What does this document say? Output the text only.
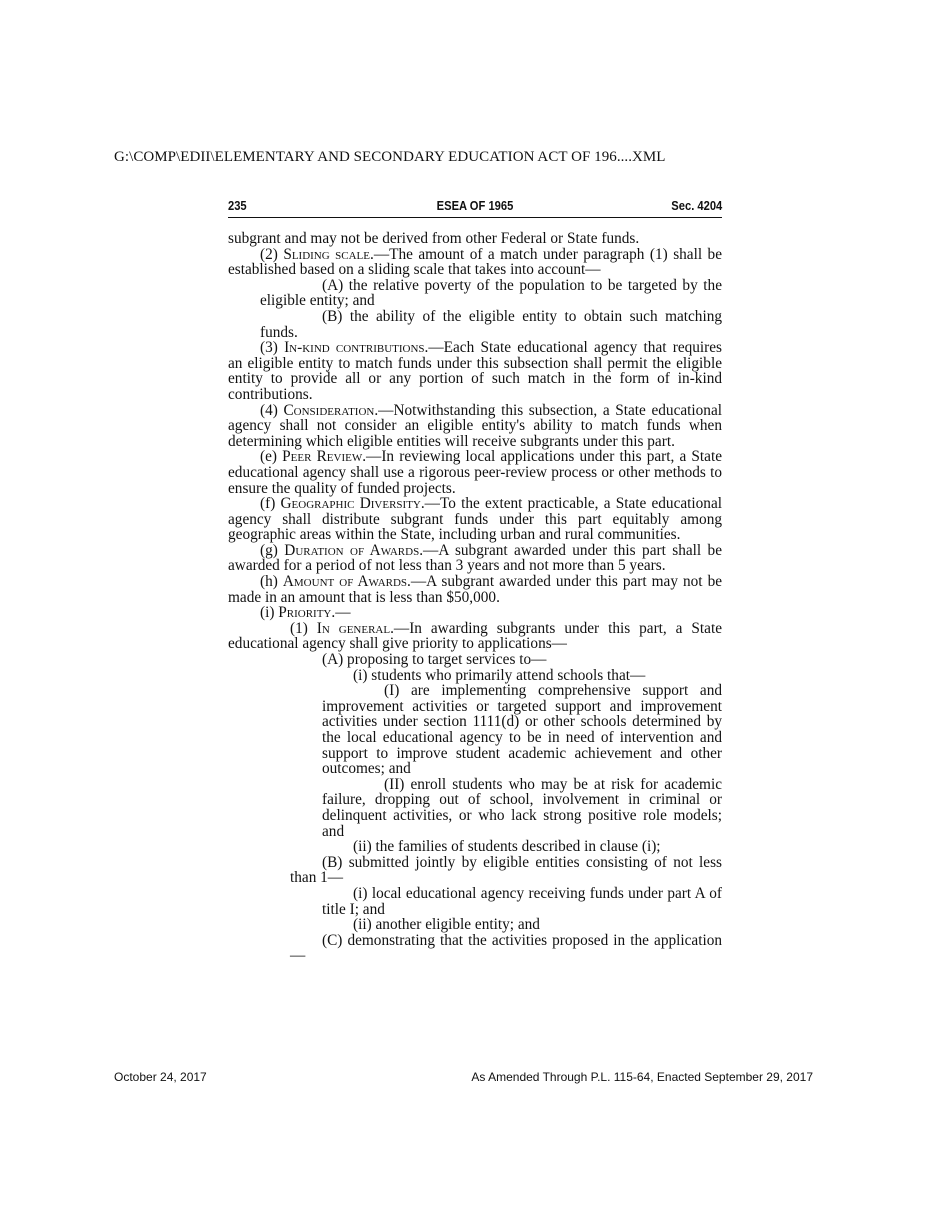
G:\COMP\EDII\ELEMENTARY AND SECONDARY EDUCATION ACT OF 196....XML
235	ESEA OF 1965	Sec. 4204

subgrant and may not be derived from other Federal or State funds.

(2) Sliding scale.—The amount of a match under paragraph (1) shall be established based on a sliding scale that takes into account—

(A) the relative poverty of the population to be targeted by the eligible entity; and

(B) the ability of the eligible entity to obtain such matching funds.

(3) In-kind contributions.—Each State educational agency that requires an eligible entity to match funds under this subsection shall permit the eligible entity to provide all or any portion of such match in the form of in-kind contributions.

(4) Consideration.—Notwithstanding this subsection, a State educational agency shall not consider an eligible entity's ability to match funds when determining which eligible entities will receive subgrants under this part.

(e) Peer Review.—In reviewing local applications under this part, a State educational agency shall use a rigorous peer-review process or other methods to ensure the quality of funded projects.

(f) Geographic Diversity.—To the extent practicable, a State educational agency shall distribute subgrant funds under this part equitably among geographic areas within the State, including urban and rural communities.

(g) Duration of Awards.—A subgrant awarded under this part shall be awarded for a period of not less than 3 years and not more than 5 years.

(h) Amount of Awards.—A subgrant awarded under this part may not be made in an amount that is less than $50,000.

(i) Priority.—

(1) In general.—In awarding subgrants under this part, a State educational agency shall give priority to applications—

(A) proposing to target services to—

(i) students who primarily attend schools that—

(I) are implementing comprehensive support and improvement activities or targeted support and improvement activities under section 1111(d) or other schools determined by the local educational agency to be in need of intervention and support to improve student academic achievement and other outcomes; and

(II) enroll students who may be at risk for academic failure, dropping out of school, involvement in criminal or delinquent activities, or who lack strong positive role models; and

(ii) the families of students described in clause (i);

(B) submitted jointly by eligible entities consisting of not less than 1—

(i) local educational agency receiving funds under part A of title I; and

(ii) another eligible entity; and

(C) demonstrating that the activities proposed in the application—

October 24, 2017	As Amended Through P.L. 115-64, Enacted September 29, 2017
